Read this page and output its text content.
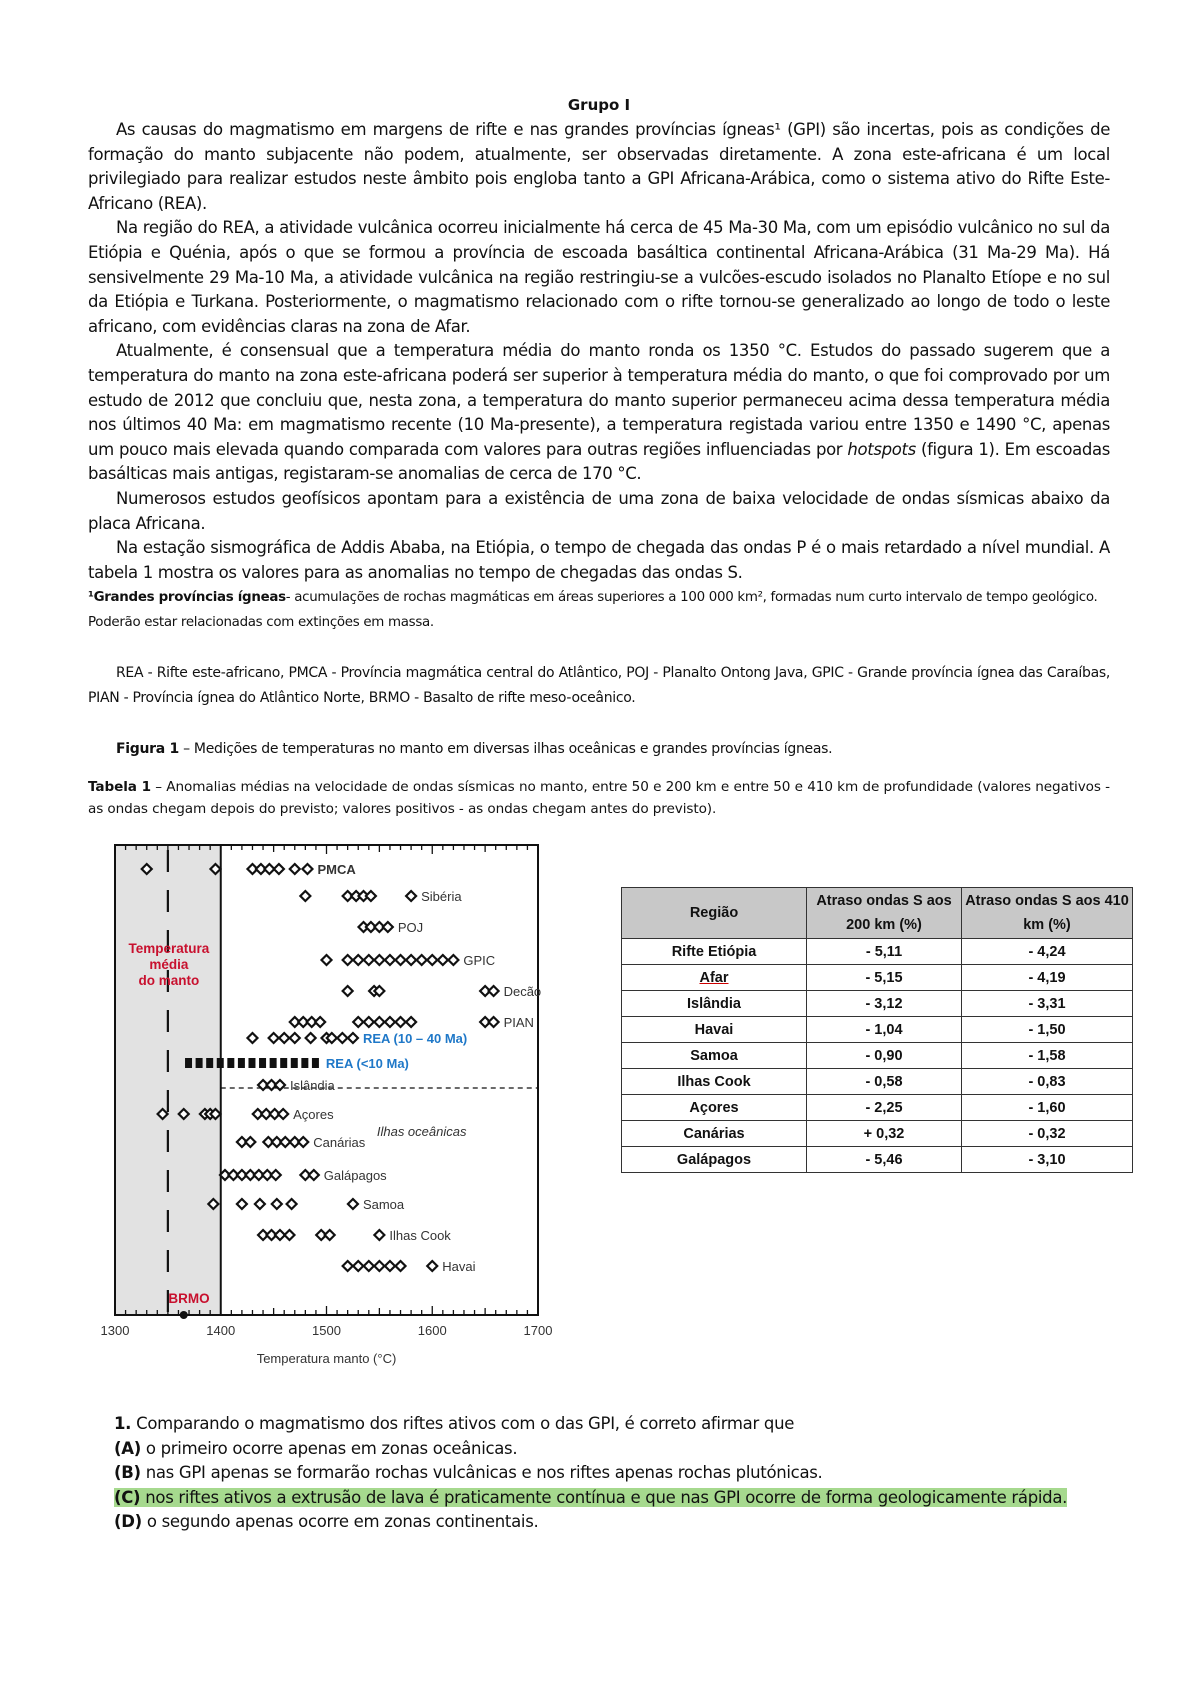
Grupo I

As causas do magmatismo em margens de rifte e nas grandes províncias ígneas¹ (GPI) são incertas, pois as condições de formação do manto subjacente não podem, atualmente, ser observadas diretamente. A zona este-africana é um local privilegiado para realizar estudos neste âmbito pois engloba tanto a GPI Africana-Arábica, como o sistema ativo do Rifte Este-Africano (REA).

Na região do REA, a atividade vulcânica ocorreu inicialmente há cerca de 45 Ma-30 Ma, com um episódio vulcânico no sul da Etiópia e Quénia, após o que se formou a província de escoada basáltica continental Africana-Arábica (31 Ma-29 Ma). Há sensivelmente 29 Ma-10 Ma, a atividade vulcânica na região restringiu-se a vulcões-escudo isolados no Planalto Etíope e no sul da Etiópia e Turkana. Posteriormente, o magmatismo relacionado com o rifte tornou-se generalizado ao longo de todo o leste africano, com evidências claras na zona de Afar.

Atualmente, é consensual que a temperatura média do manto ronda os 1350 °C. Estudos do passado sugerem que a temperatura do manto na zona este-africana poderá ser superior à temperatura média do manto, o que foi comprovado por um estudo de 2012 que concluiu que, nesta zona, a temperatura do manto superior permaneceu acima dessa temperatura média nos últimos 40 Ma: em magmatismo recente (10 Ma-presente), a temperatura registada variou entre 1350 e 1490 °C, apenas um pouco mais elevada quando comparada com valores para outras regiões influenciadas por hotspots (figura 1). Em escoadas basálticas mais antigas, registaram-se anomalias de cerca de 170 °C.

Numerosos estudos geofísicos apontam para a existência de uma zona de baixa velocidade de ondas sísmicas abaixo da placa Africana.

Na estação sismográfica de Addis Ababa, na Etiópia, o tempo de chegada das ondas P é o mais retardado a nível mundial. A tabela 1 mostra os valores para as anomalias no tempo de chegadas das ondas S.

¹Grandes províncias ígneas- acumulações de rochas magmáticas em áreas superiores a 100 000 km², formadas num curto intervalo de tempo geológico. Poderão estar relacionadas com extinções em massa.

REA - Rifte este-africano, PMCA - Província magmática central do Atlântico, POJ - Planalto Ontong Java, GPIC - Grande província ígnea das Caraíbas, PIAN - Província ígnea do Atlântico Norte, BRMO - Basalto de rifte meso-oceânico.

Figura 1 – Medições de temperaturas no manto em diversas ilhas oceânicas e grandes províncias ígneas.

Tabela 1 – Anomalias médias na velocidade de ondas sísmicas no manto, entre 50 e 200 km e entre 50 e 410 km de profundidade (valores negativos - as ondas chegam depois do previsto; valores positivos - as ondas chegam antes do previsto).

1300	1400	1500	1600	1700
Temperatura manto (°C)
Temperatura
média
do manto
PMCA
Sibéria
POJ
GPIC
Decão
PIAN
REA (10 – 40 Ma)
REA (<10 Ma)
Islândia
Açores
Canárias
Galápagos
Samoa
Ilhas Cook
Havai
Ilhas oceânicas
BRMO
Região	Atraso ondas S aos 200 km (%)	Atraso ondas S aos 410 km (%)
Rifte Etiópia	- 5,11	- 4,24
Afar	- 5,15	- 4,19
Islândia	- 3,12	- 3,31
Havai	- 1,04	- 1,50
Samoa	- 0,90	- 1,58
Ilhas Cook	- 0,58	- 0,83
Açores	- 2,25	- 1,60
Canárias	+ 0,32	- 0,32
Galápagos	- 5,46	- 3,10

1. Comparando o magmatismo dos riftes ativos com o das GPI, é correto afirmar que

(A) o primeiro ocorre apenas em zonas oceânicas.

(B) nas GPI apenas se formarão rochas vulcânicas e nos riftes apenas rochas plutónicas.

(C) nos riftes ativos a extrusão de lava é praticamente contínua e que nas GPI ocorre de forma geologicamente rápida.

(D) o segundo apenas ocorre em zonas continentais.
